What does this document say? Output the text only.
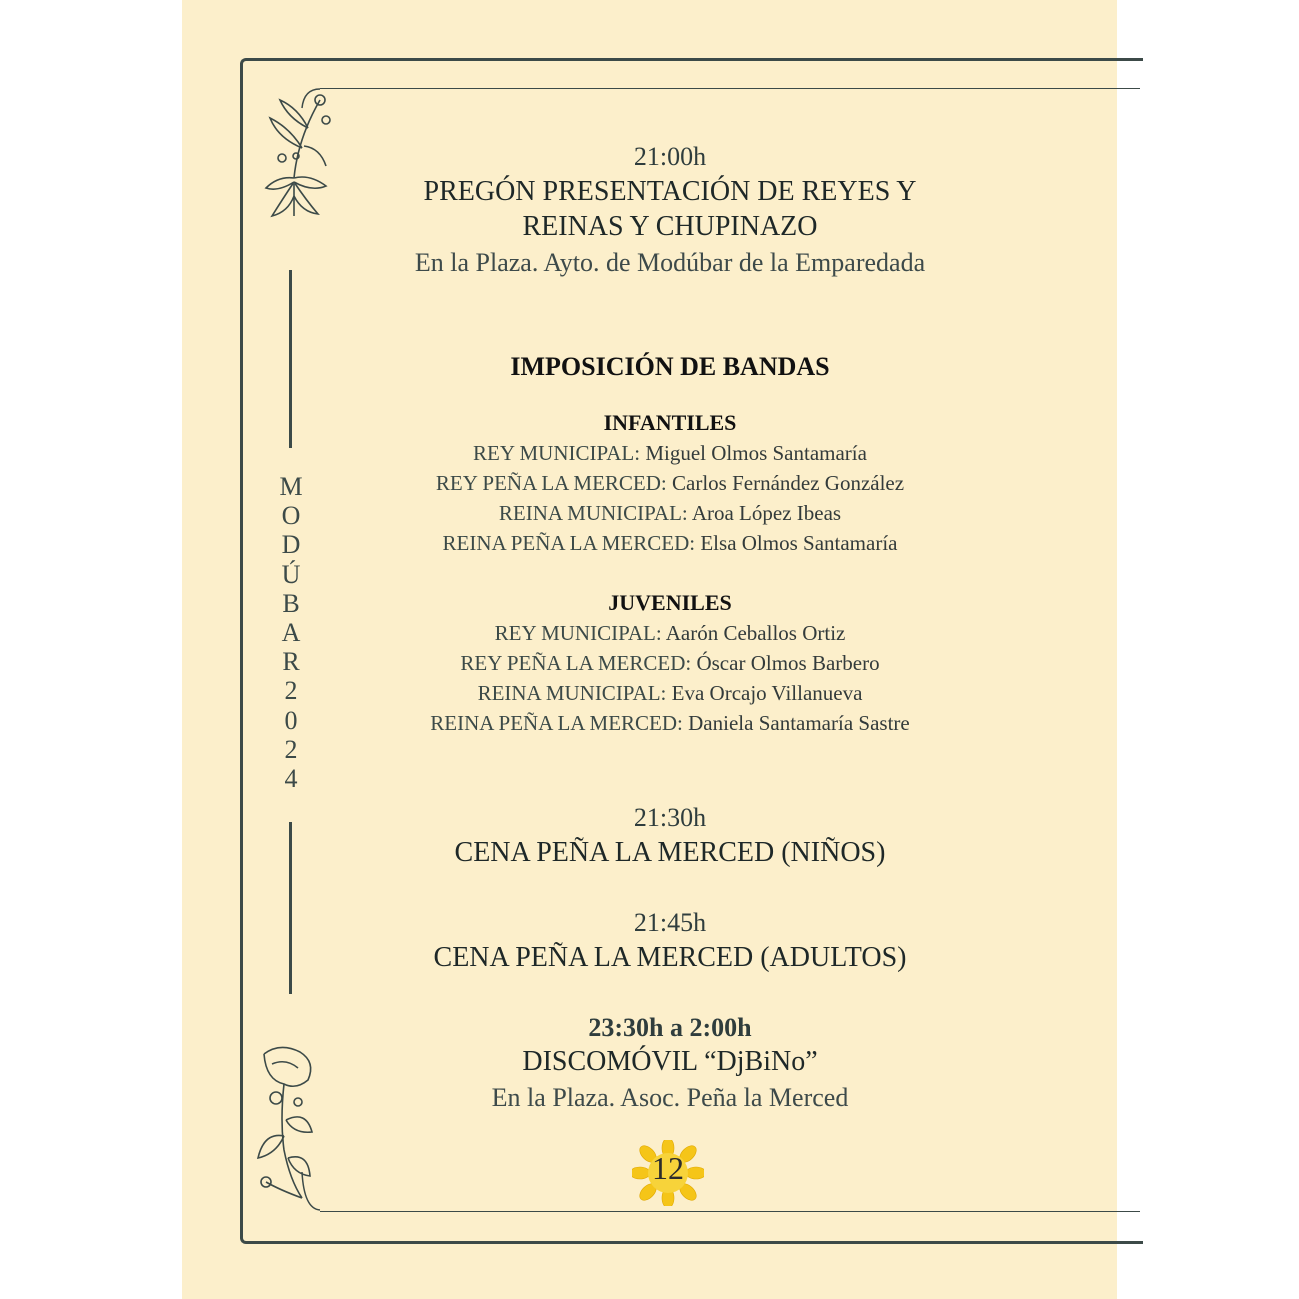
M
O
D
Ú
B
A
R
2
0
2
4
21:00h
PREGÓN PRESENTACIÓN DE REYES Y
REINAS Y CHUPINAZO
En la Plaza. Ayto. de Modúbar de la Emparedada
IMPOSICIÓN DE BANDAS
INFANTILES
REY MUNICIPAL: Miguel Olmos Santamaría
REY PEÑA LA MERCED: Carlos Fernández González
REINA MUNICIPAL: Aroa López Ibeas
REINA PEÑA LA MERCED: Elsa Olmos Santamaría
JUVENILES
REY MUNICIPAL: Aarón Ceballos Ortiz
REY PEÑA LA MERCED: Óscar Olmos Barbero
REINA MUNICIPAL: Eva Orcajo Villanueva
REINA PEÑA LA MERCED: Daniela Santamaría Sastre
21:30h
CENA PEÑA LA MERCED (NIÑOS)
21:45h
CENA PEÑA LA MERCED (ADULTOS)
23:30h a 2:00h
DISCOMÓVIL “DjBiNo”
En la Plaza. Asoc. Peña la Merced
12
